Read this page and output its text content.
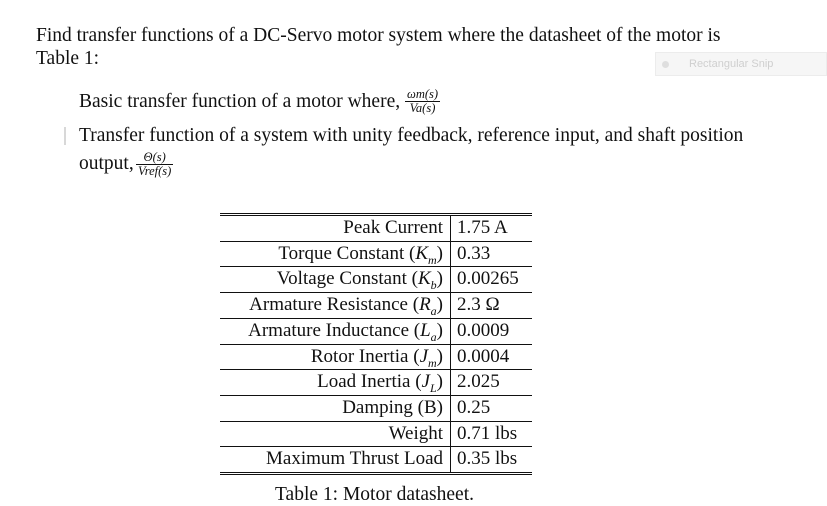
Find transfer functions of a DC-Servo motor system where the datasheet of the motor is
Table 1:	Rectangular Snip
Basic transfer function of a motor where, $\frac{\omega m(s)}{Va(s)}$
Transfer function of a system with unity feedback, reference input, and shaft position
output, Θ(s)
Vref(s)
Peak Current	1.75 A
Torque Constant $(K_m)$	0.33
Voltage Constant $(K_b)$	0.00265
Armature Resistance $(R_a)$	2.3 Ω
Armature Inductance $(L_a)$	0.0009
Rotor Inertia $(J_m)$	0.0004
Load Inertia $(J_L)$	2.025
Damping (B)	0.25
Weight	0.71 lbs
Maximum Thrust Load	0.35 lbs
Table 1: Motor datasheet.
